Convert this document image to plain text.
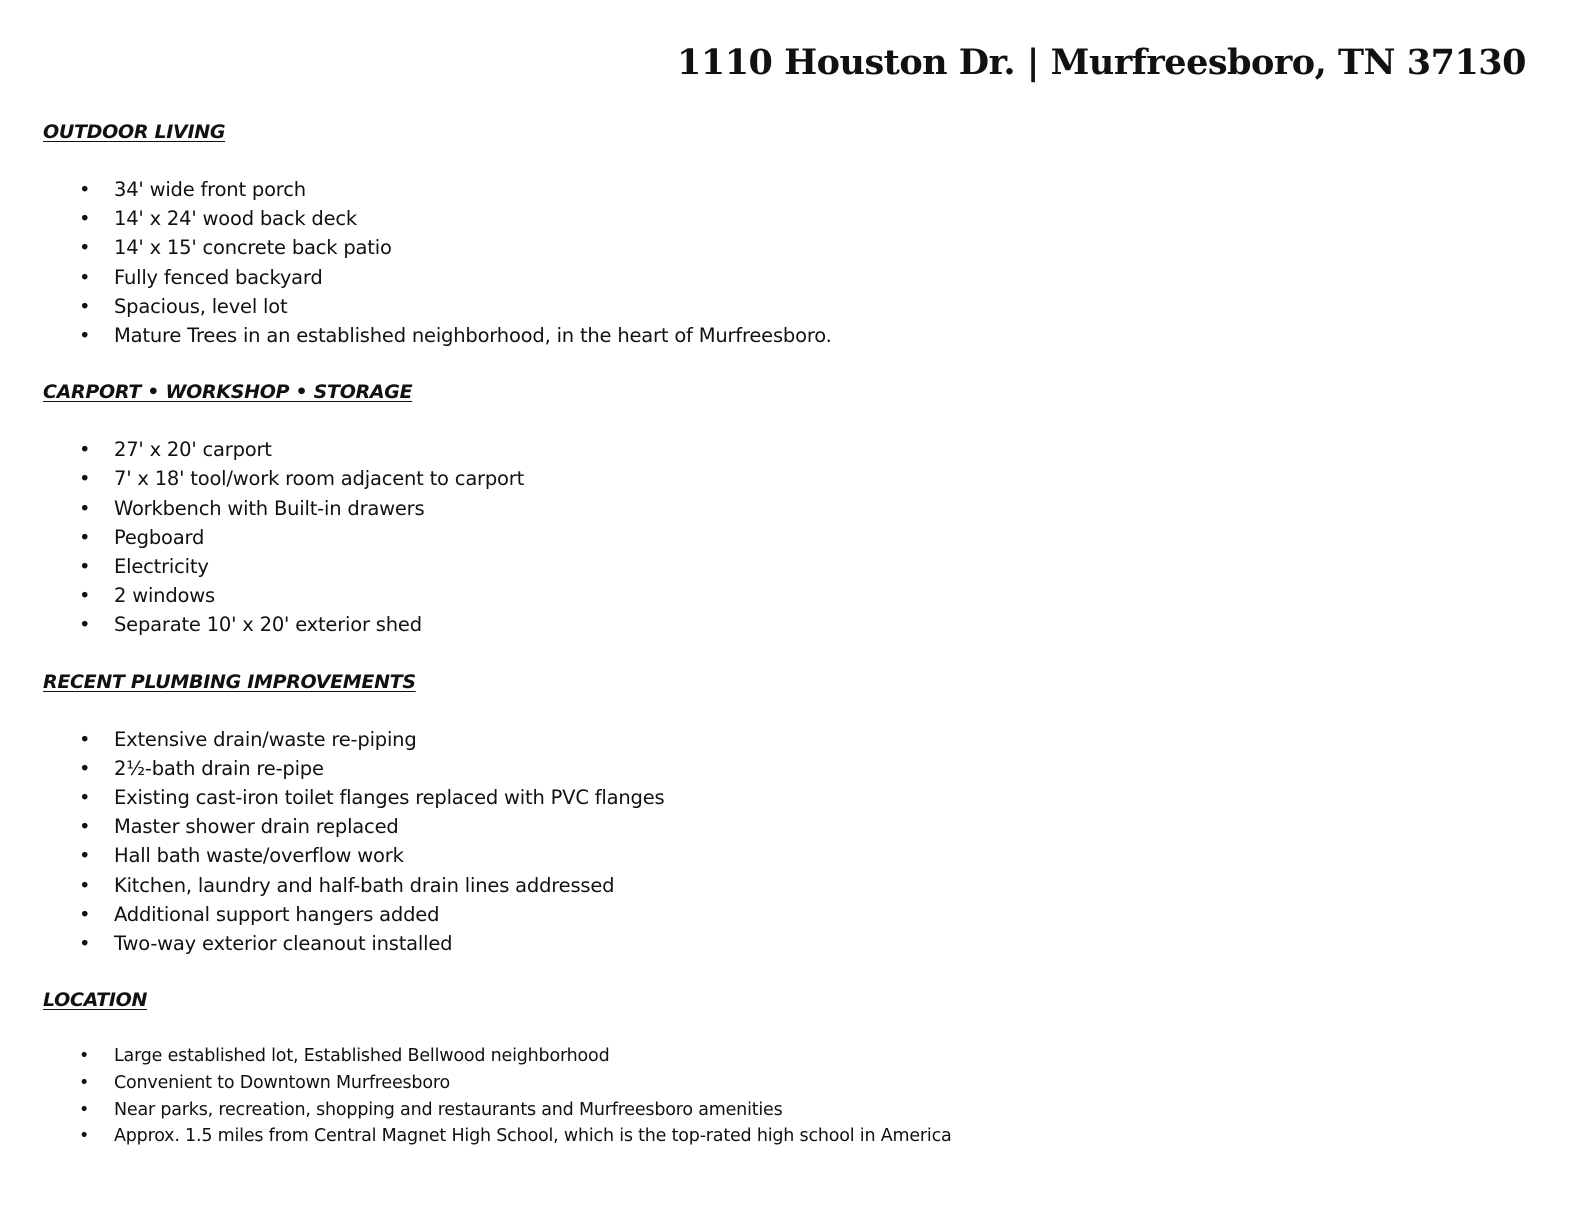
1110 Houston Dr. | Murfreesboro, TN 37130
OUTDOOR LIVING
• 34' wide front porch
• 14' x 24' wood back deck
• 14' x 15' concrete back patio
• Fully fenced backyard
• Spacious, level lot
• Mature Trees in an established neighborhood, in the heart of Murfreesboro.
CARPORT • WORKSHOP • STORAGE
• 27' x 20' carport
• 7' x 18' tool/work room adjacent to carport
• Workbench with Built-in drawers
• Pegboard
• Electricity
• 2 windows
• Separate 10' x 20' exterior shed
RECENT PLUMBING IMPROVEMENTS
• Extensive drain/waste re-piping
• 2½-bath drain re-pipe
• Existing cast-iron toilet flanges replaced with PVC flanges
• Master shower drain replaced
• Hall bath waste/overflow work
• Kitchen, laundry and half-bath drain lines addressed
• Additional support hangers added
• Two-way exterior cleanout installed
LOCATION
• Large established lot, Established Bellwood neighborhood
• Convenient to Downtown Murfreesboro
• Near parks, recreation, shopping and restaurants and Murfreesboro amenities
• Approx. 1.5 miles from Central Magnet High School, which is the top-rated high school in America
